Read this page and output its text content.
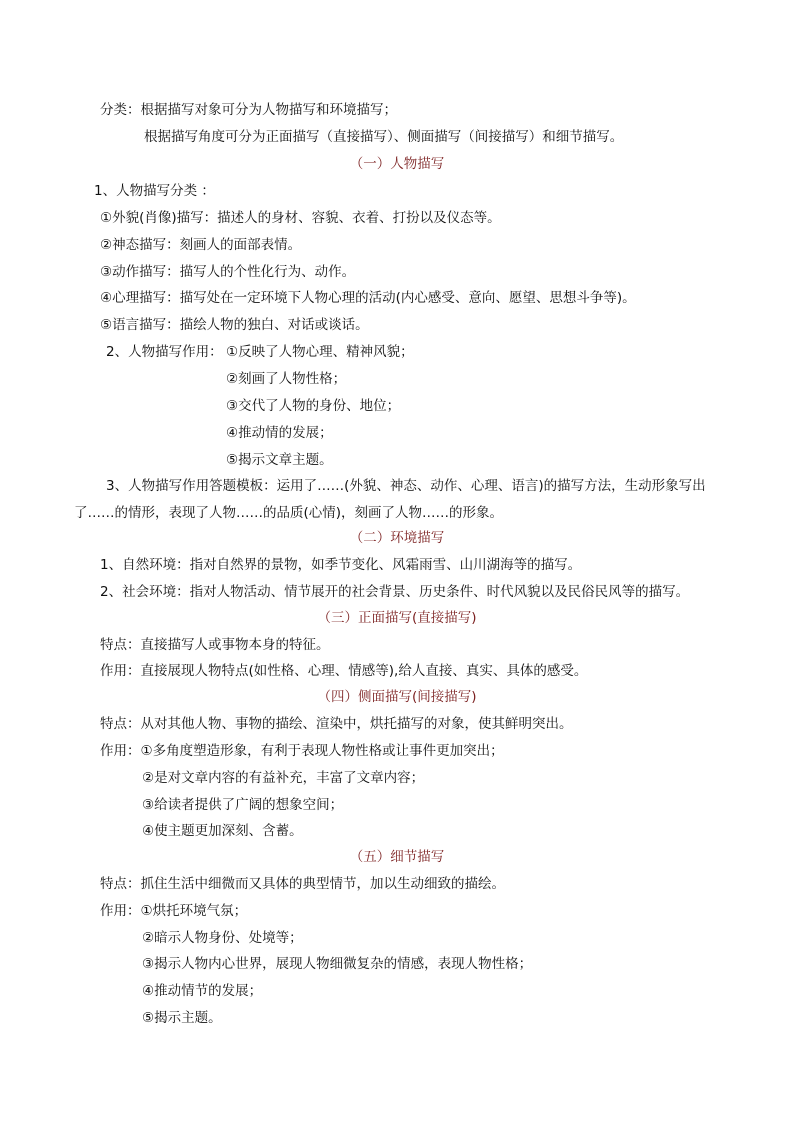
分类：根据描写对象可分为人物描写和环境描写；
根据描写角度可分为正面描写（直接描写）、侧面描写（间接描写）和细节描写。
（一）人物描写
1、人物描写分类 ：
①外貌(肖像)描写：描述人的身材、容貌、衣着、打扮以及仪态等。
②神态描写：刻画人的面部表情。
③动作描写：描写人的个性化行为、动作。
④心理描写：描写处在一定环境下人物心理的活动(内心感受、意向、愿望、思想斗争等)。
⑤语言描写：描绘人物的独白、对话或谈话。
2、人物描写作用： ①反映了人物心理、精神风貌；
②刻画了人物性格；
③交代了人物的身份、地位；
④推动情的发展；
⑤揭示文章主题。
3、人物描写作用答题模板：运用了……(外貌、神态、动作、心理、语言)的描写方法，生动形象写出
了……的情形，表现了人物……的品质(心情)，刻画了人物……的形象。
（二）环境描写
1、自然环境：指对自然界的景物，如季节变化、风霜雨雪、山川湖海等的描写。
2、社会环境：指对人物活动、情节展开的社会背景、历史条件、时代风貌以及民俗民风等的描写。
（三）正面描写(直接描写)
特点：直接描写人或事物本身的特征。
作用：直接展现人物特点(如性格、心理、情感等),给人直接、真实、具体的感受。
（四）侧面描写(间接描写)
特点：从对其他人物、事物的描绘、渲染中，烘托描写的对象，使其鲜明突出。
作用：①多角度塑造形象，有利于表现人物性格或让事件更加突出；
②是对文章内容的有益补充，丰富了文章内容；
③给读者提供了广阔的想象空间；
④使主题更加深刻、含蓄。
（五）细节描写
特点：抓住生活中细微而又具体的典型情节，加以生动细致的描绘。
作用：①烘托环境气氛；
②暗示人物身份、处境等；
③揭示人物内心世界，展现人物细微复杂的情感，表现人物性格；
④推动情节的发展；
⑤揭示主题。
